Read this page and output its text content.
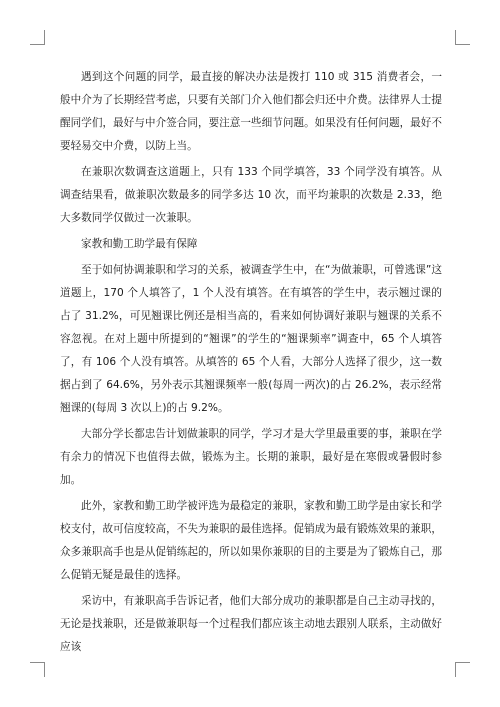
遇到这个问题的同学，最直接的解决办法是拨打 110 或 315 消费者会，一般中介为了长期经营考虑，只要有关部门介入他们都会归还中介费。法律界人士提醒同学们，最好与中介签合同，要注意一些细节问题。如果没有任何问题，最好不要轻易交中介费，以防上当。

在兼职次数调查这道题上，只有 133 个同学填答，33 个同学没有填答。从调查结果看，做兼职次数最多的同学多达 10 次，而平均兼职的次数是 2.33，绝大多数同学仅做过一次兼职。

家教和勤工助学最有保障

至于如何协调兼职和学习的关系，被调查学生中，在“为做兼职，可曾逃课”这道题上，170 个人填答了，1 个人没有填答。在有填答的学生中，表示翘过课的占了 31.2%，可见翘课比例还是相当高的，看来如何协调好兼职与翘课的关系不容忽视。在对上题中所提到的“翘课”的学生的“翘课频率”调查中，65 个人填答了，有 106 个人没有填答。从填答的 65 个人看，大部分人选择了很少，这一数据占到了 64.6%，另外表示其翘课频率一般(每周一两次)的占 26.2%，表示经常翘课的(每周 3 次以上)的占 9.2%。

大部分学长都忠告计划做兼职的同学，学习才是大学里最重要的事，兼职在学有余力的情况下也值得去做，锻炼为主。长期的兼职，最好是在寒假或暑假时参加。

此外，家教和勤工助学被评选为最稳定的兼职，家教和勤工助学是由家长和学校支付，故可信度较高，不失为兼职的最佳选择。促销成为最有锻炼效果的兼职，众多兼职高手也是从促销练起的，所以如果你兼职的目的主要是为了锻炼自己，那么促销无疑是最佳的选择。

采访中，有兼职高手告诉记者，他们大部分成功的兼职都是自己主动寻找的，无论是找兼职，还是做兼职每一个过程我们都应该主动地去跟别人联系，主动做好应该
